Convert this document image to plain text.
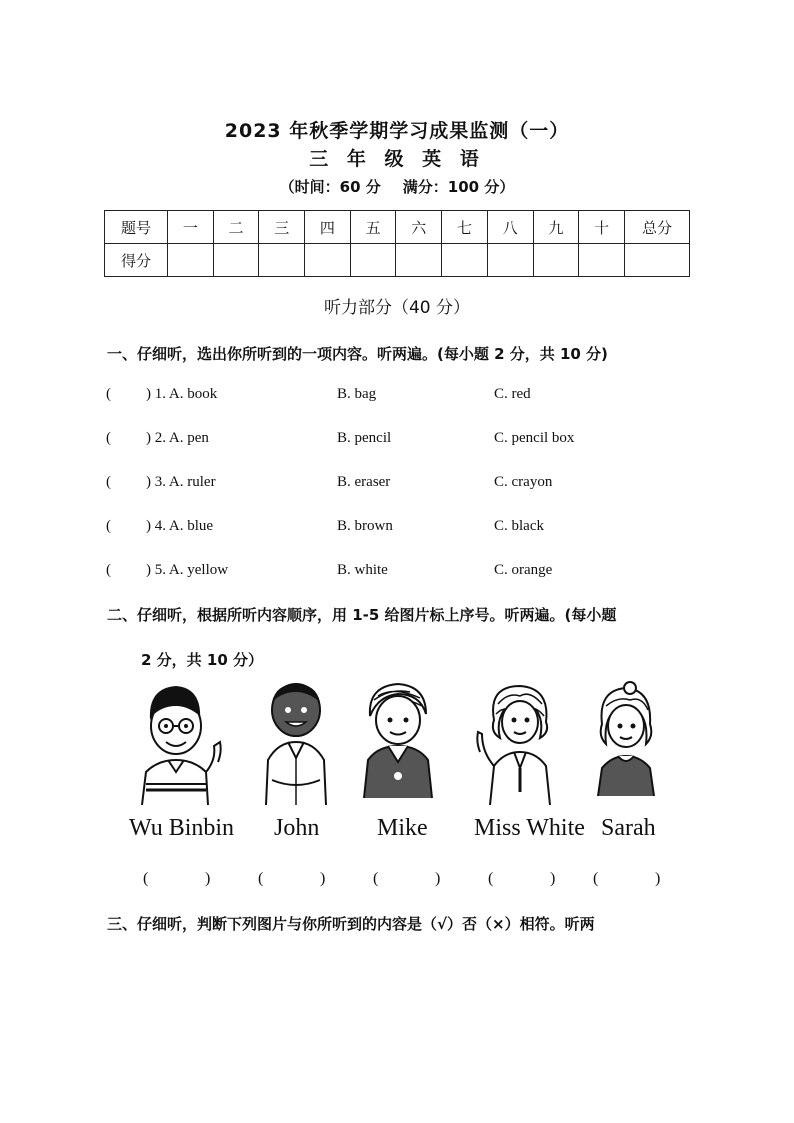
2023 年秋季学期学习成果监测（一）
三 年 级 英 语
（时间：60 分 满分：100 分）
题号	一	二	三	四	五	六	七	八	九	十	总分
得分											
听力部分（40 分）
一、仔细听，选出你所听到的一项内容。听两遍。(每小题 2 分，共 10 分)
( ) 1. A. book	B. bag	C. red
( ) 2. A. pen	B. pencil	C. pencil box
( ) 3. A. ruler	B. eraser	C. crayon
( ) 4. A. blue	B. brown	C. black
( ) 5. A. yellow	B. white	C. orange
二、仔细听，根据所听内容顺序，用 1-5 给图片标上序号。听两遍。(每小题
2 分，共 10 分）
Wu Binbin John Mike Miss White Sarah
(	)	(	)	(	)	(	) (	)
三、仔细听，判断下列图片与你所听到的内容是（√）否（×）相符。听两
